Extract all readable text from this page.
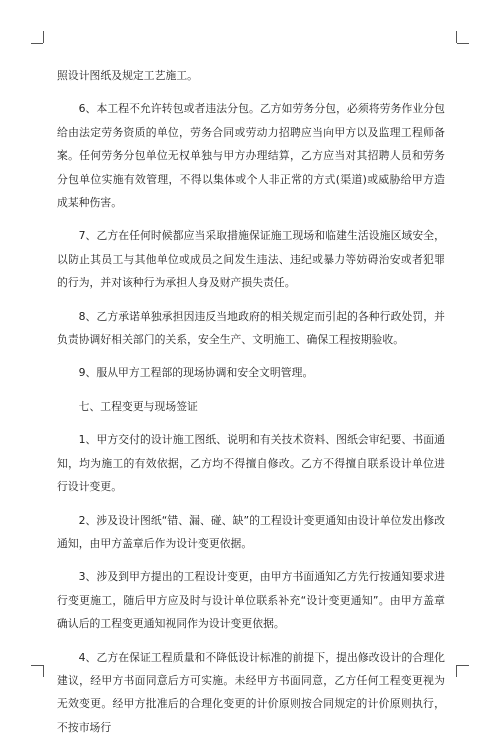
照设计图纸及规定工艺施工。

6、本工程不允许转包或者违法分包。乙方如劳务分包，必须将劳务作业分包给由法定劳务资质的单位，劳务合同或劳动力招聘应当向甲方以及监理工程师备案。任何劳务分包单位无权单独与甲方办理结算，乙方应当对其招聘人员和劳务分包单位实施有效管理，不得以集体或个人非正常的方式(渠道)或威胁给甲方造成某种伤害。

7、乙方在任何时候都应当采取措施保证施工现场和临建生活设施区域安全，以防止其员工与其他单位或成员之间发生违法、违纪或暴力等妨碍治安或者犯罪的行为，并对该种行为承担人身及财产损失责任。

8、乙方承诺单独承担因违反当地政府的相关规定而引起的各种行政处罚，并负责协调好相关部门的关系，安全生产、文明施工、确保工程按期验收。

9、服从甲方工程部的现场协调和安全文明管理。

七、工程变更与现场签证

1、甲方交付的设计施工图纸、说明和有关技术资料、图纸会审纪要、书面通知，均为施工的有效依据，乙方均不得擅自修改。乙方不得擅自联系设计单位进行设计变更。

2、涉及设计图纸“错、漏、碰、缺”的工程设计变更通知由设计单位发出修改通知，由甲方盖章后作为设计变更依据。

3、涉及到甲方提出的工程设计变更，由甲方书面通知乙方先行按通知要求进行变更施工，随后甲方应及时与设计单位联系补充“设计变更通知”。由甲方盖章确认后的工程变更通知视同作为设计变更依据。

4、乙方在保证工程质量和不降低设计标准的前提下，提出修改设计的合理化建议，经甲方书面同意后方可实施。未经甲方书面同意，乙方任何工程变更视为无效变更。经甲方批准后的合理化变更的计价原则按合同规定的计价原则执行，不按市场行
